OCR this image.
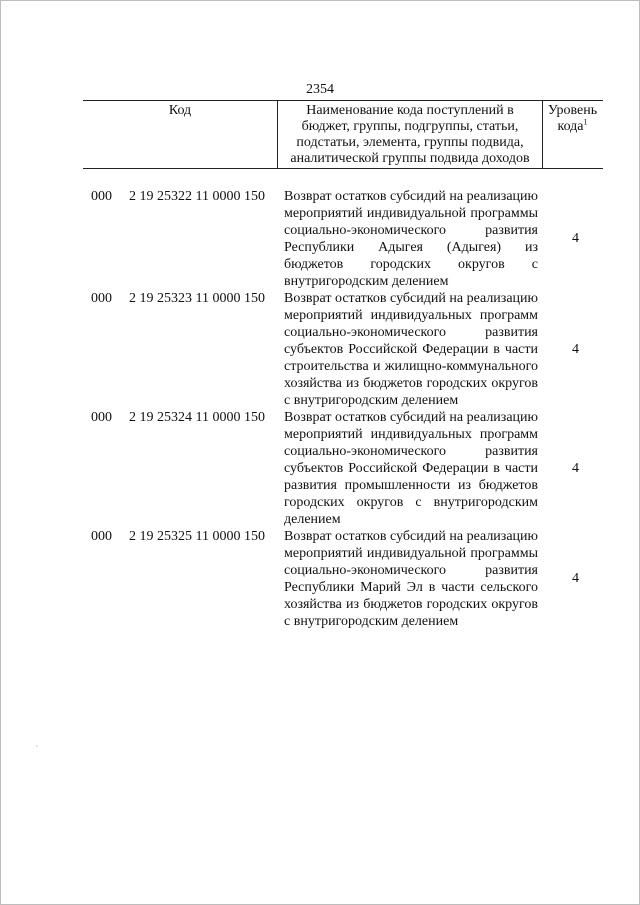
2354
Код	Наименование кода поступлений в бюджет, группы, подгруппы, статьи, подстатьи, элемента, группы подвида, аналитической группы подвида доходов
Уровень кода$^1$
000 2 19 25322 11 0000 150 Возврат остатков субсидий на реализацию мероприятий индивидуальной программы социально-экономического развития Республики Адыгея (Адыгея) из бюджетов городских округов с внутригородским делением
4
000 2 19 25323 11 0000 150 Возврат остатков субсидий на реализацию мероприятий индивидуальных программ социально-экономического развития субъектов Российской Федерации в части строительства и жилищно-коммунального хозяйства из бюджетов городских округов с внутригородским делением
4
000 2 19 25324 11 0000 150 Возврат остатков субсидий на реализацию мероприятий индивидуальных программ социально-экономического развития субъектов Российской Федерации в части развития промышленности из бюджетов городских округов с внутригородским делением
4
000 2 19 25325 11 0000 150 Возврат остатков субсидий на реализацию мероприятий индивидуальной программы социально-экономического развития Республики Марий Эл в части сельского хозяйства из бюджетов городских округов с внутригородским делением
4
'
